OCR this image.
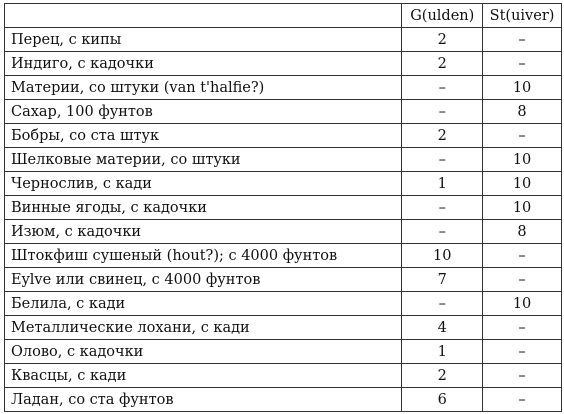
	G(ulden)	St(uiver)
Перец, с кипы	2	–
Индиго, с кадочки	2	–
Материи, со штуки (van t'halfie?)	–	10
Сахар, 100 фунтов	–	8
Бобры, со ста штук	2	–
Шелковые материи, со штуки	–	10
Чернослив, с кади	1	10
Винные ягоды, с кадочки	–	10
Изюм, с кадочки	–	8
Штокфиш сушеный (hout?); с 4000 фунтов	10	–
Eylve или свинец, с 4000 фунтов	7	–
Белила, с кади	–	10
Металлические лохани, с кади	4	–
Олово, с кадочки	1	–
Квасцы, с кади	2	–
Ладан, со ста фунтов	6	–
